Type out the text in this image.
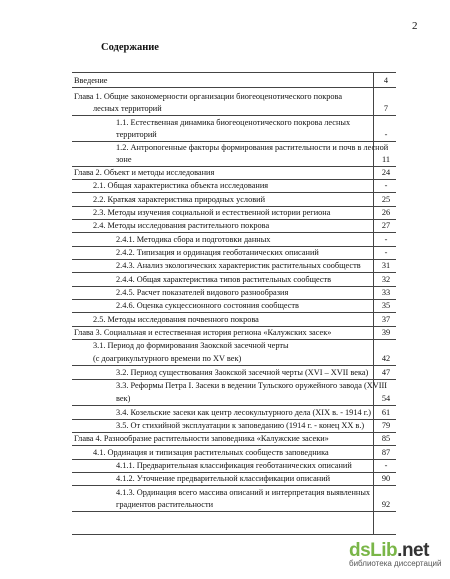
2
Содержание
Введение	4
Глава 1. Общие закономерности организации биогеоценотического покрова
лесных территорий	7
1.1. Естественная динамика биогеоценотического покрова лесных
территорий	-
1.2. Антропогенные факторы формирования растительности и почв в лесной
зоне	11
Глава 2. Объект и методы исследования	24
2.1. Общая характеристика объекта исследования	-
2.2. Краткая характеристика природных условий	25
2.3. Методы изучения социальной и естественной истории региона	26
2.4. Методы исследования растительного покрова	27
2.4.1. Методика сбора и подготовки данных	-
2.4.2. Типизация и ординация геоботанических описаний	-
2.4.3. Анализ экологических характеристик растительных сообществ	31
2.4.4. Общая характеристика типов растительных сообществ	32
2.4.5. Расчет показателей видового разнообразия	33
2.4.6. Оценка сукцессионного состояния сообществ	35
2.5. Методы исследования почвенного покрова	37
Глава 3. Социальная и естественная история региона «Калужских засек»	39
3.1. Период до формирования Заокской засечной черты
(с доагрикультурного времени по XV век)	42
3.2. Период существования Заокской засечной черты (XVI – XVII века)	47
3.3. Реформы Петра I. Засеки в ведении Тульского оружейного завода (XVIII
век)	54
3.4. Козельские засеки как центр лесокультурного дела (XIX в. - 1914 г.)	61
3.5. От стихийной эксплуатации к заповеданию (1914 г. - конец XX в.)	79
Глава 4. Разнообразие растительности заповедника «Калужские засеки»	85
4.1. Ординация и типизация растительных сообществ заповедника	87
4.1.1. Предварительная классификация геоботанических описаний	-
4.1.2. Уточнение предварительной классификации описаний	90
4.1.3. Ординация всего массива описаний и интерпретация выявленных
градиентов растительности	92
dsLib.net
библиотека диссертаций
